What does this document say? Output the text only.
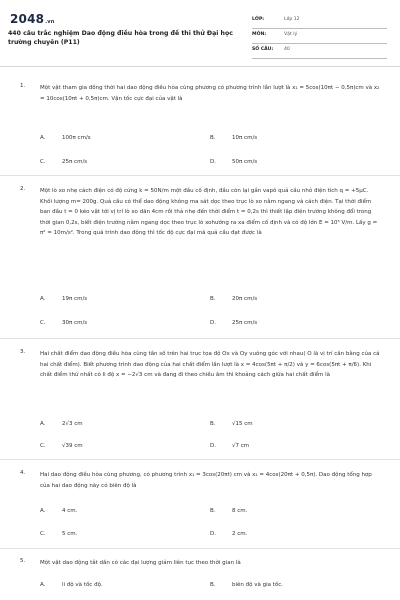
2048.vn
440 câu trắc nghiệm Dao động điều hòa trong đề thi thử Đại học trường chuyên (P11)
LỚP:	Lớp 12
MÔN:	Vật lý
SỐ CÂU: 40
1.	Một vật tham gia đồng thời hai dao động điều hòa cùng phương có phương trình lần lượt là x₁ = 5cos(10πt − 0,5π)cm và x₂ = 10cos(10πt + 0,5π)cm. Vận tốc cực đại của vật là
A.	100π cm/s	B.	10π cm/s
C.	25π cm/s	D.	50π cm/s
2.	Một lò xo nhẹ cách điện có độ cứng k = 50N/m một đầu cố định, đầu còn lại gắn vapô quả cầu nhỏ điện tích q = +5μC. Khối lượng m= 200g. Quả cầu có thể dao động không ma sát dọc theo trục lò xo nằm ngang và cách điện. Tại thời điểm ban đầu t = 0 kéo vật tới vị trí lò xo dãn 4cm rồi thả nhẹ đến thời điểm t = 0,2s thì thiết lập điện trường không đổi trong thời gian 0,2s, biết điện trường nằm ngang dọc theo trục lò xohướng ra xa điểm cố định và có độ lớn E = 10⁵ V/m. Lấy g = π² = 10m/s². Trong quá trình dao động thì tốc độ cực đại mà quả cầu đạt được là
A.	19π cm/s	B.	20π cm/s
C.	30π cm/s	D.	25π cm/s
3.	Hai chất điểm dao động điều hòa cùng tần số trên hai trục tọa độ Ox và Oy vuông góc với nhau( O là vị trí cân bằng của cả hai chất điểm). Biết phương trình dao động của hai chất điểm lần lượt là x = 4cos(5πt + π/2) và y = 6cos(5πt + π/6). Khi chất điểm thứ nhất có li độ x = −2√3 cm và đang đi theo chiều âm thì khoảng cách giữa hai chất điểm là
A.	2√3 cm	B.	√15 cm
C.	√39 cm	D.	√7 cm
4.	Hai dao động điều hòa cùng phương, có phương trình x₁ = 3cos(20πt) cm và x₂ = 4cos(20πt + 0,5π). Dao động tổng hợp của hai dao động này có biên độ là
A.	4 cm.	B.	8 cm.
C.	5 cm.	D.	2 cm.
5.	Một vật dao động tắt dần có các đại lượng giảm liên tục theo thời gian là
A.	li độ và tốc độ.	B.	biên độ và gia tốc.
